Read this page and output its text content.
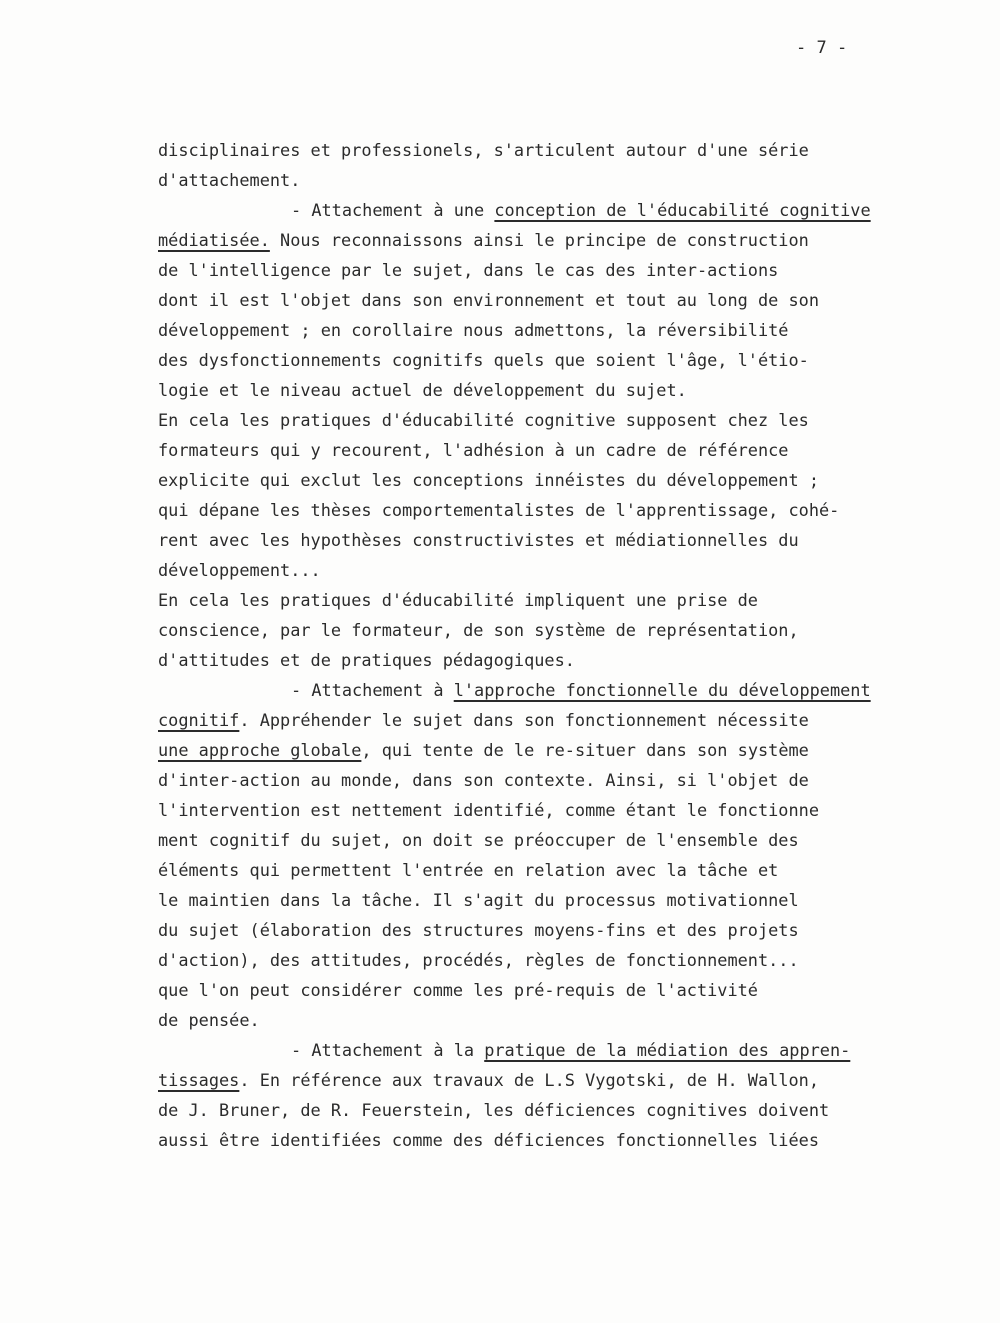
- 7 -
disciplinaires et professionels, s'articulent autour d'une série
d'attachement.
- Attachement à une conception de l'éducabilité cognitive
médiatisée. Nous reconnaissons ainsi le principe de construction
de l'intelligence par le sujet, dans le cas des inter-actions
dont il est l'objet dans son environnement et tout au long de son
développement ; en corollaire nous admettons, la réversibilité
des dysfonctionnements cognitifs quels que soient l'âge, l'étio-
logie et le niveau actuel de développement du sujet.
En cela les pratiques d'éducabilité cognitive supposent chez les
formateurs qui y recourent, l'adhésion à un cadre de référence
explicite qui exclut les conceptions innéistes du développement ;
qui dépane les thèses comportementalistes de l'apprentissage, cohé-
rent avec les hypothèses constructivistes et médiationnelles du
développement...
En cela les pratiques d'éducabilité impliquent une prise de
conscience, par le formateur, de son système de représentation,
d'attitudes et de pratiques pédagogiques.
- Attachement à l'approche fonctionnelle du développement
cognitif. Appréhender le sujet dans son fonctionnement nécessite
une approche globale, qui tente de le re-situer dans son système
d'inter-action au monde, dans son contexte. Ainsi, si l'objet de
l'intervention est nettement identifié, comme étant le fonctionne
ment cognitif du sujet, on doit se préoccuper de l'ensemble des
éléments qui permettent l'entrée en relation avec la tâche et
le maintien dans la tâche. Il s'agit du processus motivationnel
du sujet (élaboration des structures moyens-fins et des projets
d'action), des attitudes, procédés, règles de fonctionnement...
que l'on peut considérer comme les pré-requis de l'activité
de pensée.
- Attachement à la pratique de la médiation des appren-
tissages. En référence aux travaux de L.S Vygotski, de H. Wallon,
de J. Bruner, de R. Feuerstein, les déficiences cognitives doivent
aussi être identifiées comme des déficiences fonctionnelles liées
